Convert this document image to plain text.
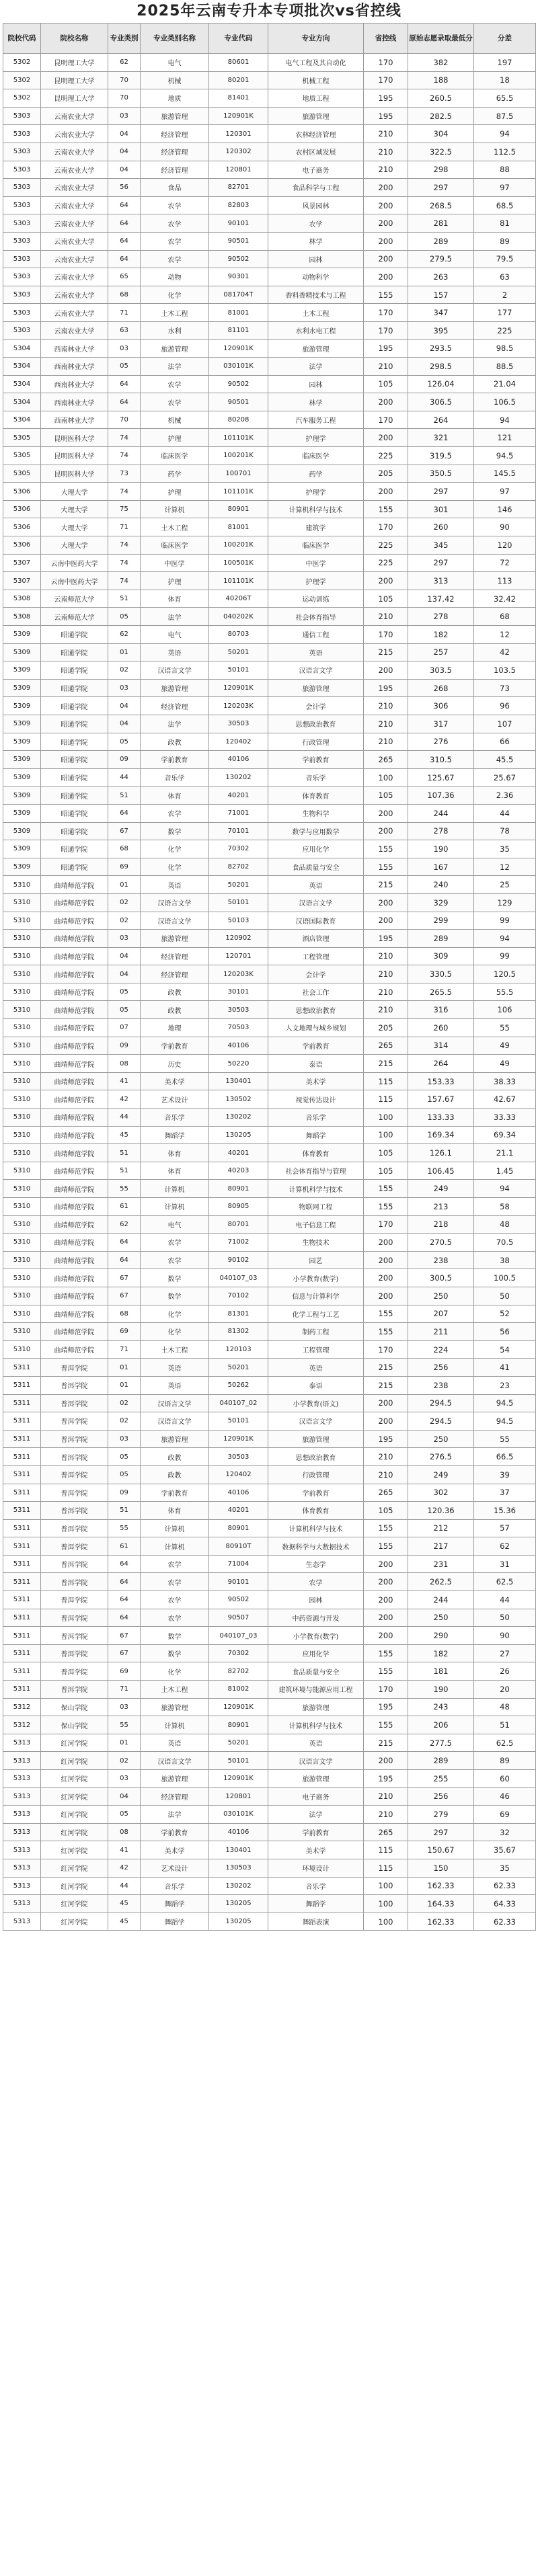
2025年云南专升本专项批次vs省控线
院校代码	院校名称	专业类别	专业类别名称	专业代码	专业方向	省控线	原始志愿录取最低分	分差
5302	昆明理工大学	62	电气	80601	电气工程及其自动化	170	382	197
5302	昆明理工大学	70	机械	80201	机械工程	170	188	18
5302	昆明理工大学	70	地质	81401	地质工程	195	260.5	65.5
5303	云南农业大学	03	旅游管理	120901K	旅游管理	195	282.5	87.5
5303	云南农业大学	04	经济管理	120301	农林经济管理	210	304	94
5303	云南农业大学	04	经济管理	120302	农村区域发展	210	322.5	112.5
5303	云南农业大学	04	经济管理	120801	电子商务	210	298	88
5303	云南农业大学	56	食品	82701	食品科学与工程	200	297	97
5303	云南农业大学	64	农学	82803	风景园林	200	268.5	68.5
5303	云南农业大学	64	农学	90101	农学	200	281	81
5303	云南农业大学	64	农学	90501	林学	200	289	89
5303	云南农业大学	64	农学	90502	园林	200	279.5	79.5
5303	云南农业大学	65	动物	90301	动物科学	200	263	63
5303	云南农业大学	68	化学	081704T	香料香精技术与工程	155	157	2
5303	云南农业大学	71	土木工程	81001	土木工程	170	347	177
5303	云南农业大学	63	水利	81101	水利水电工程	170	395	225
5304	西南林业大学	03	旅游管理	120901K	旅游管理	195	293.5	98.5
5304	西南林业大学	05	法学	030101K	法学	210	298.5	88.5
5304	西南林业大学	64	农学	90502	园林	105	126.04	21.04
5304	西南林业大学	64	农学	90501	林学	200	306.5	106.5
5304	西南林业大学	70	机械	80208	汽车服务工程	170	264	94
5305	昆明医科大学	74	护理	101101K	护理学	200	321	121
5305	昆明医科大学	74	临床医学	100201K	临床医学	225	319.5	94.5
5305	昆明医科大学	73	药学	100701	药学	205	350.5	145.5
5306	大理大学	74	护理	101101K	护理学	200	297	97
5306	大理大学	75	计算机	80901	计算机科学与技术	155	301	146
5306	大理大学	71	土木工程	81001	建筑学	170	260	90
5306	大理大学	74	临床医学	100201K	临床医学	225	345	120
5307	云南中医药大学	74	中医学	100501K	中医学	225	297	72
5307	云南中医药大学	74	护理	101101K	护理学	200	313	113
5308	云南师范大学	51	体育	40206T	运动训练	105	137.42	32.42
5308	云南师范大学	05	法学	040202K	社会体育指导	210	278	68
5309	昭通学院	62	电气	80703	通信工程	170	182	12
5309	昭通学院	01	英语	50201	英语	215	257	42
5309	昭通学院	02	汉语言文学	50101	汉语言文学	200	303.5	103.5
5309	昭通学院	03	旅游管理	120901K	旅游管理	195	268	73
5309	昭通学院	04	经济管理	120203K	会计学	210	306	96
5309	昭通学院	04	法学	30503	思想政治教育	210	317	107
5309	昭通学院	05	政教	120402	行政管理	210	276	66
5309	昭通学院	09	学前教育	40106	学前教育	265	310.5	45.5
5309	昭通学院	44	音乐学	130202	音乐学	100	125.67	25.67
5309	昭通学院	51	体育	40201	体育教育	105	107.36	2.36
5309	昭通学院	64	农学	71001	生物科学	200	244	44
5309	昭通学院	67	数学	70101	数学与应用数学	200	278	78
5309	昭通学院	68	化学	70302	应用化学	155	190	35
5309	昭通学院	69	化学	82702	食品质量与安全	155	167	12
5310	曲靖师范学院	01	英语	50201	英语	215	240	25
5310	曲靖师范学院	02	汉语言文学	50101	汉语言文学	200	329	129
5310	曲靖师范学院	02	汉语言文学	50103	汉语国际教育	200	299	99
5310	曲靖师范学院	03	旅游管理	120902	酒店管理	195	289	94
5310	曲靖师范学院	04	经济管理	120701	工程管理	210	309	99
5310	曲靖师范学院	04	经济管理	120203K	会计学	210	330.5	120.5
5310	曲靖师范学院	05	政教	30101	社会工作	210	265.5	55.5
5310	曲靖师范学院	05	政教	30503	思想政治教育	210	316	106
5310	曲靖师范学院	07	地理	70503	人文地理与城乡规划	205	260	55
5310	曲靖师范学院	09	学前教育	40106	学前教育	265	314	49
5310	曲靖师范学院	08	历史	50220	泰语	215	264	49
5310	曲靖师范学院	41	美术学	130401	美术学	115	153.33	38.33
5310	曲靖师范学院	42	艺术设计	130502	视觉传达设计	115	157.67	42.67
5310	曲靖师范学院	44	音乐学	130202	音乐学	100	133.33	33.33
5310	曲靖师范学院	45	舞蹈学	130205	舞蹈学	100	169.34	69.34
5310	曲靖师范学院	51	体育	40201	体育教育	105	126.1	21.1
5310	曲靖师范学院	51	体育	40203	社会体育指导与管理	105	106.45	1.45
5310	曲靖师范学院	55	计算机	80901	计算机科学与技术	155	249	94
5310	曲靖师范学院	61	计算机	80905	物联网工程	155	213	58
5310	曲靖师范学院	62	电气	80701	电子信息工程	170	218	48
5310	曲靖师范学院	64	农学	71002	生物技术	200	270.5	70.5
5310	曲靖师范学院	64	农学	90102	园艺	200	238	38
5310	曲靖师范学院	67	数学	040107_03	小学教育(数学)	200	300.5	100.5
5310	曲靖师范学院	67	数学	70102	信息与计算科学	200	250	50
5310	曲靖师范学院	68	化学	81301	化学工程与工艺	155	207	52
5310	曲靖师范学院	69	化学	81302	制药工程	155	211	56
5310	曲靖师范学院	71	土木工程	120103	工程管理	170	224	54
5311	普洱学院	01	英语	50201	英语	215	256	41
5311	普洱学院	01	英语	50262	泰语	215	238	23
5311	普洱学院	02	汉语言文学	040107_02	小学教育(语文)	200	294.5	94.5
5311	普洱学院	02	汉语言文学	50101	汉语言文学	200	294.5	94.5
5311	普洱学院	03	旅游管理	120901K	旅游管理	195	250	55
5311	普洱学院	05	政教	30503	思想政治教育	210	276.5	66.5
5311	普洱学院	05	政教	120402	行政管理	210	249	39
5311	普洱学院	09	学前教育	40106	学前教育	265	302	37
5311	普洱学院	51	体育	40201	体育教育	105	120.36	15.36
5311	普洱学院	55	计算机	80901	计算机科学与技术	155	212	57
5311	普洱学院	61	计算机	80910T	数据科学与大数据技术	155	217	62
5311	普洱学院	64	农学	71004	生态学	200	231	31
5311	普洱学院	64	农学	90101	农学	200	262.5	62.5
5311	普洱学院	64	农学	90502	园林	200	244	44
5311	普洱学院	64	农学	90507	中药资源与开发	200	250	50
5311	普洱学院	67	数学	040107_03	小学教育(数学)	200	290	90
5311	普洱学院	67	数学	70302	应用化学	155	182	27
5311	普洱学院	69	化学	82702	食品质量与安全	155	181	26
5311	普洱学院	71	土木工程	81002	建筑环境与能源应用工程	170	190	20
5312	保山学院	03	旅游管理	120901K	旅游管理	195	243	48
5312	保山学院	55	计算机	80901	计算机科学与技术	155	206	51
5313	红河学院	01	英语	50201	英语	215	277.5	62.5
5313	红河学院	02	汉语言文学	50101	汉语言文学	200	289	89
5313	红河学院	03	旅游管理	120901K	旅游管理	195	255	60
5313	红河学院	04	经济管理	120801	电子商务	210	256	46
5313	红河学院	05	法学	030101K	法学	210	279	69
5313	红河学院	08	学前教育	40106	学前教育	265	297	32
5313	红河学院	41	美术学	130401	美术学	115	150.67	35.67
5313	红河学院	42	艺术设计	130503	环境设计	115	150	35
5313	红河学院	44	音乐学	130202	音乐学	100	162.33	62.33
5313	红河学院	45	舞蹈学	130205	舞蹈学	100	164.33	64.33
5313	红河学院	45	舞蹈学	130205	舞蹈表演	100	162.33	62.33
